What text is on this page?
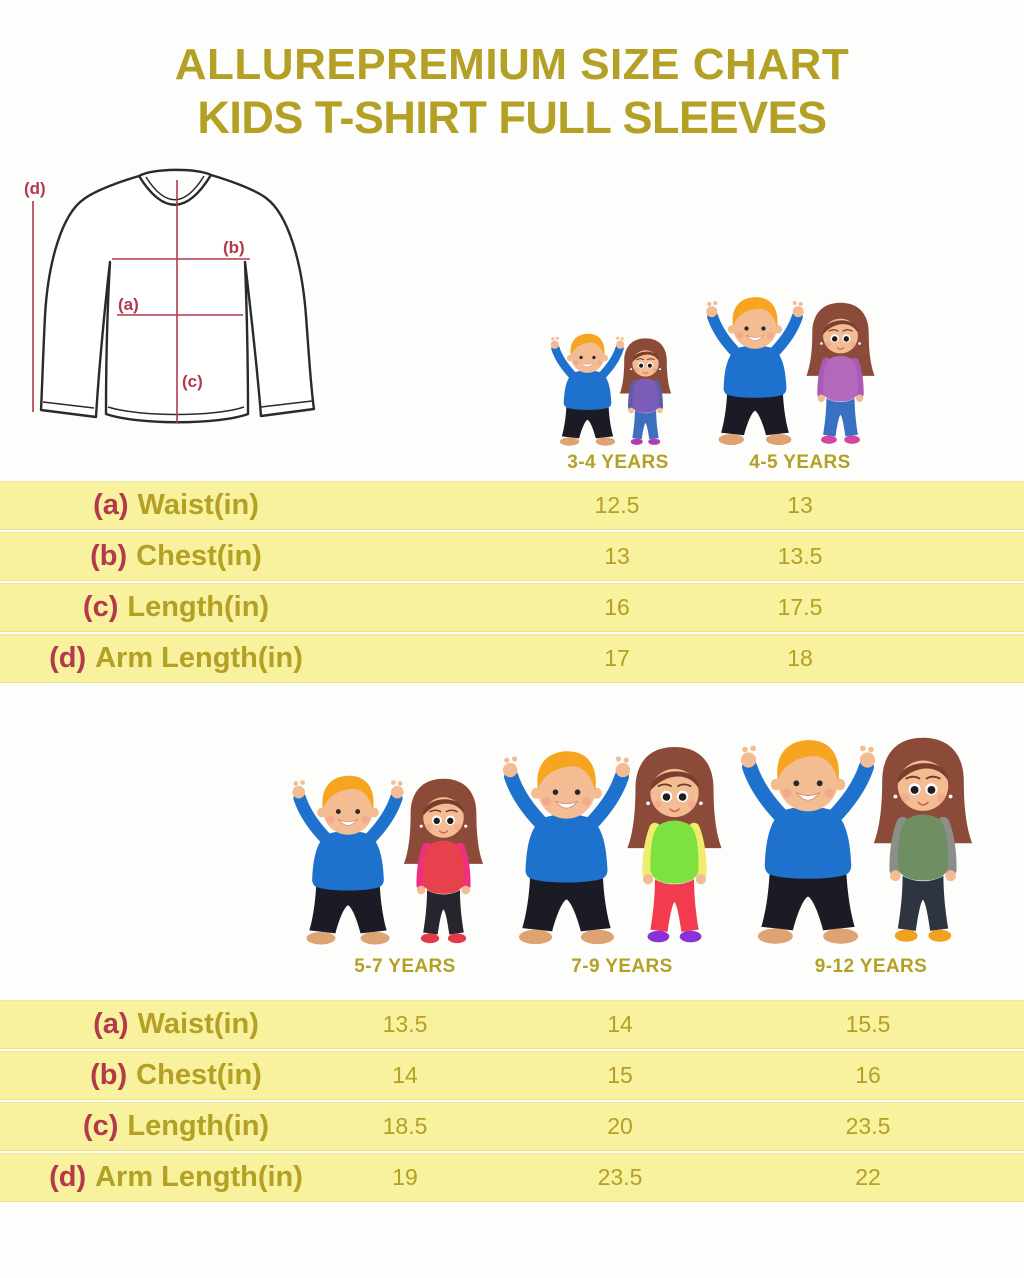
ALLUREPREMIUM SIZE CHART
KIDS T-SHIRT FULL SLEEVES
(d)
(b)
(a)
(c)
3-4 YEARS	4-5 YEARS
5-7 YEARS	7-9 YEARS	9-12 YEARS
(a) Waist(in)	12.5	13
(b) Chest(in)	13	13.5
(c) Length(in)	16	17.5
(d) Arm Length(in)	17	18
(a) Waist(in)	13.5	14	15.5
(b) Chest(in)	14	15	16
(c) Length(in)	18.5	20	23.5
(d) Arm Length(in)	19	23.5	22
